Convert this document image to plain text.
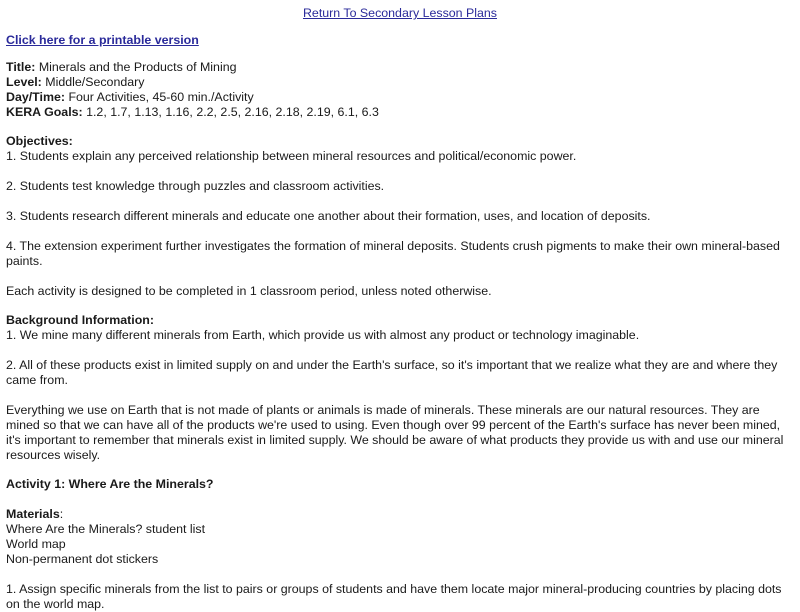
Return To Secondary Lesson Plans
Click here for a printable version
Title: Minerals and the Products of Mining
Level: Middle/Secondary
Day/Time: Four Activities, 45-60 min./Activity
KERA Goals: 1.2, 1.7, 1.13, 1.16, 2.2, 2.5, 2.16, 2.18, 2.19, 6.1, 6.3
Objectives:

1. Students explain any perceived relationship between mineral resources and political/economic power.

2. Students test knowledge through puzzles and classroom activities.

3. Students research different minerals and educate one another about their formation, uses, and location of deposits.

4. The extension experiment further investigates the formation of mineral deposits. Students crush pigments to make their own mineral-based paints.

Each activity is designed to be completed in 1 classroom period, unless noted otherwise.

Background Information:

1. We mine many different minerals from Earth, which provide us with almost any product or technology imaginable.

2. All of these products exist in limited supply on and under the Earth's surface, so it's important that we realize what they are and where they came from.

Everything we use on Earth that is not made of plants or animals is made of minerals. These minerals are our natural resources. They are mined so that we can have all of the products we're used to using. Even though over 99 percent of the Earth's surface has never been mined, it's important to remember that minerals exist in limited supply. We should be aware of what products they provide us with and use our mineral resources wisely.

Activity 1: Where Are the Minerals?
Materials:
Where Are the Minerals? student list
World map
Non-permanent dot stickers

1. Assign specific minerals from the list to pairs or groups of students and have them locate major mineral-producing countries by placing dots on the world map.
